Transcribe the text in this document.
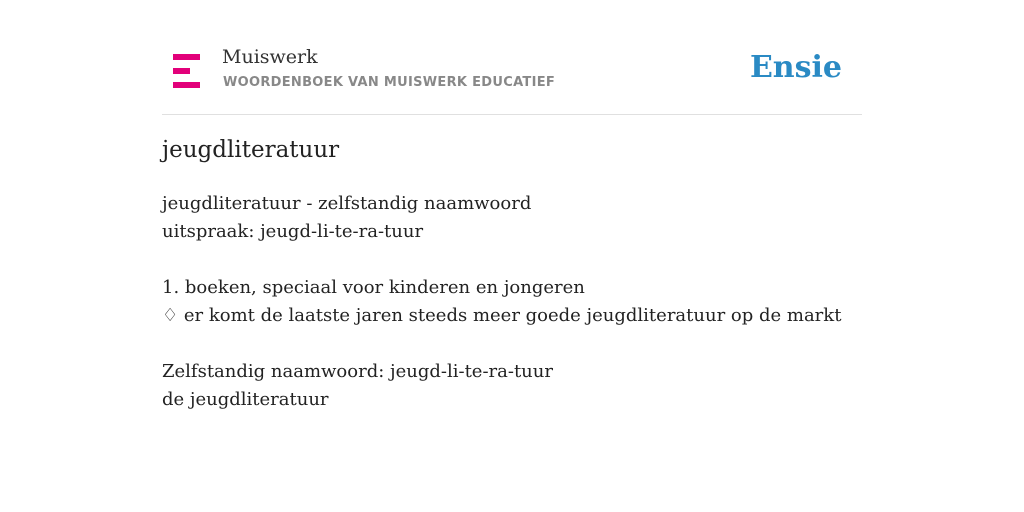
Muiswerk
WOORDENBOEK VAN MUISWERK EDUCATIEF	Ensie
jeugdliteratuur
jeugdliteratuur - zelfstandig naamwoord
uitspraak: jeugd-li-te-ra-tuur
1. boeken, speciaal voor kinderen en jongeren
♢ er komt de laatste jaren steeds meer goede jeugdliteratuur op de markt
Zelfstandig naamwoord: jeugd-li-te-ra-tuur
de jeugdliteratuur
